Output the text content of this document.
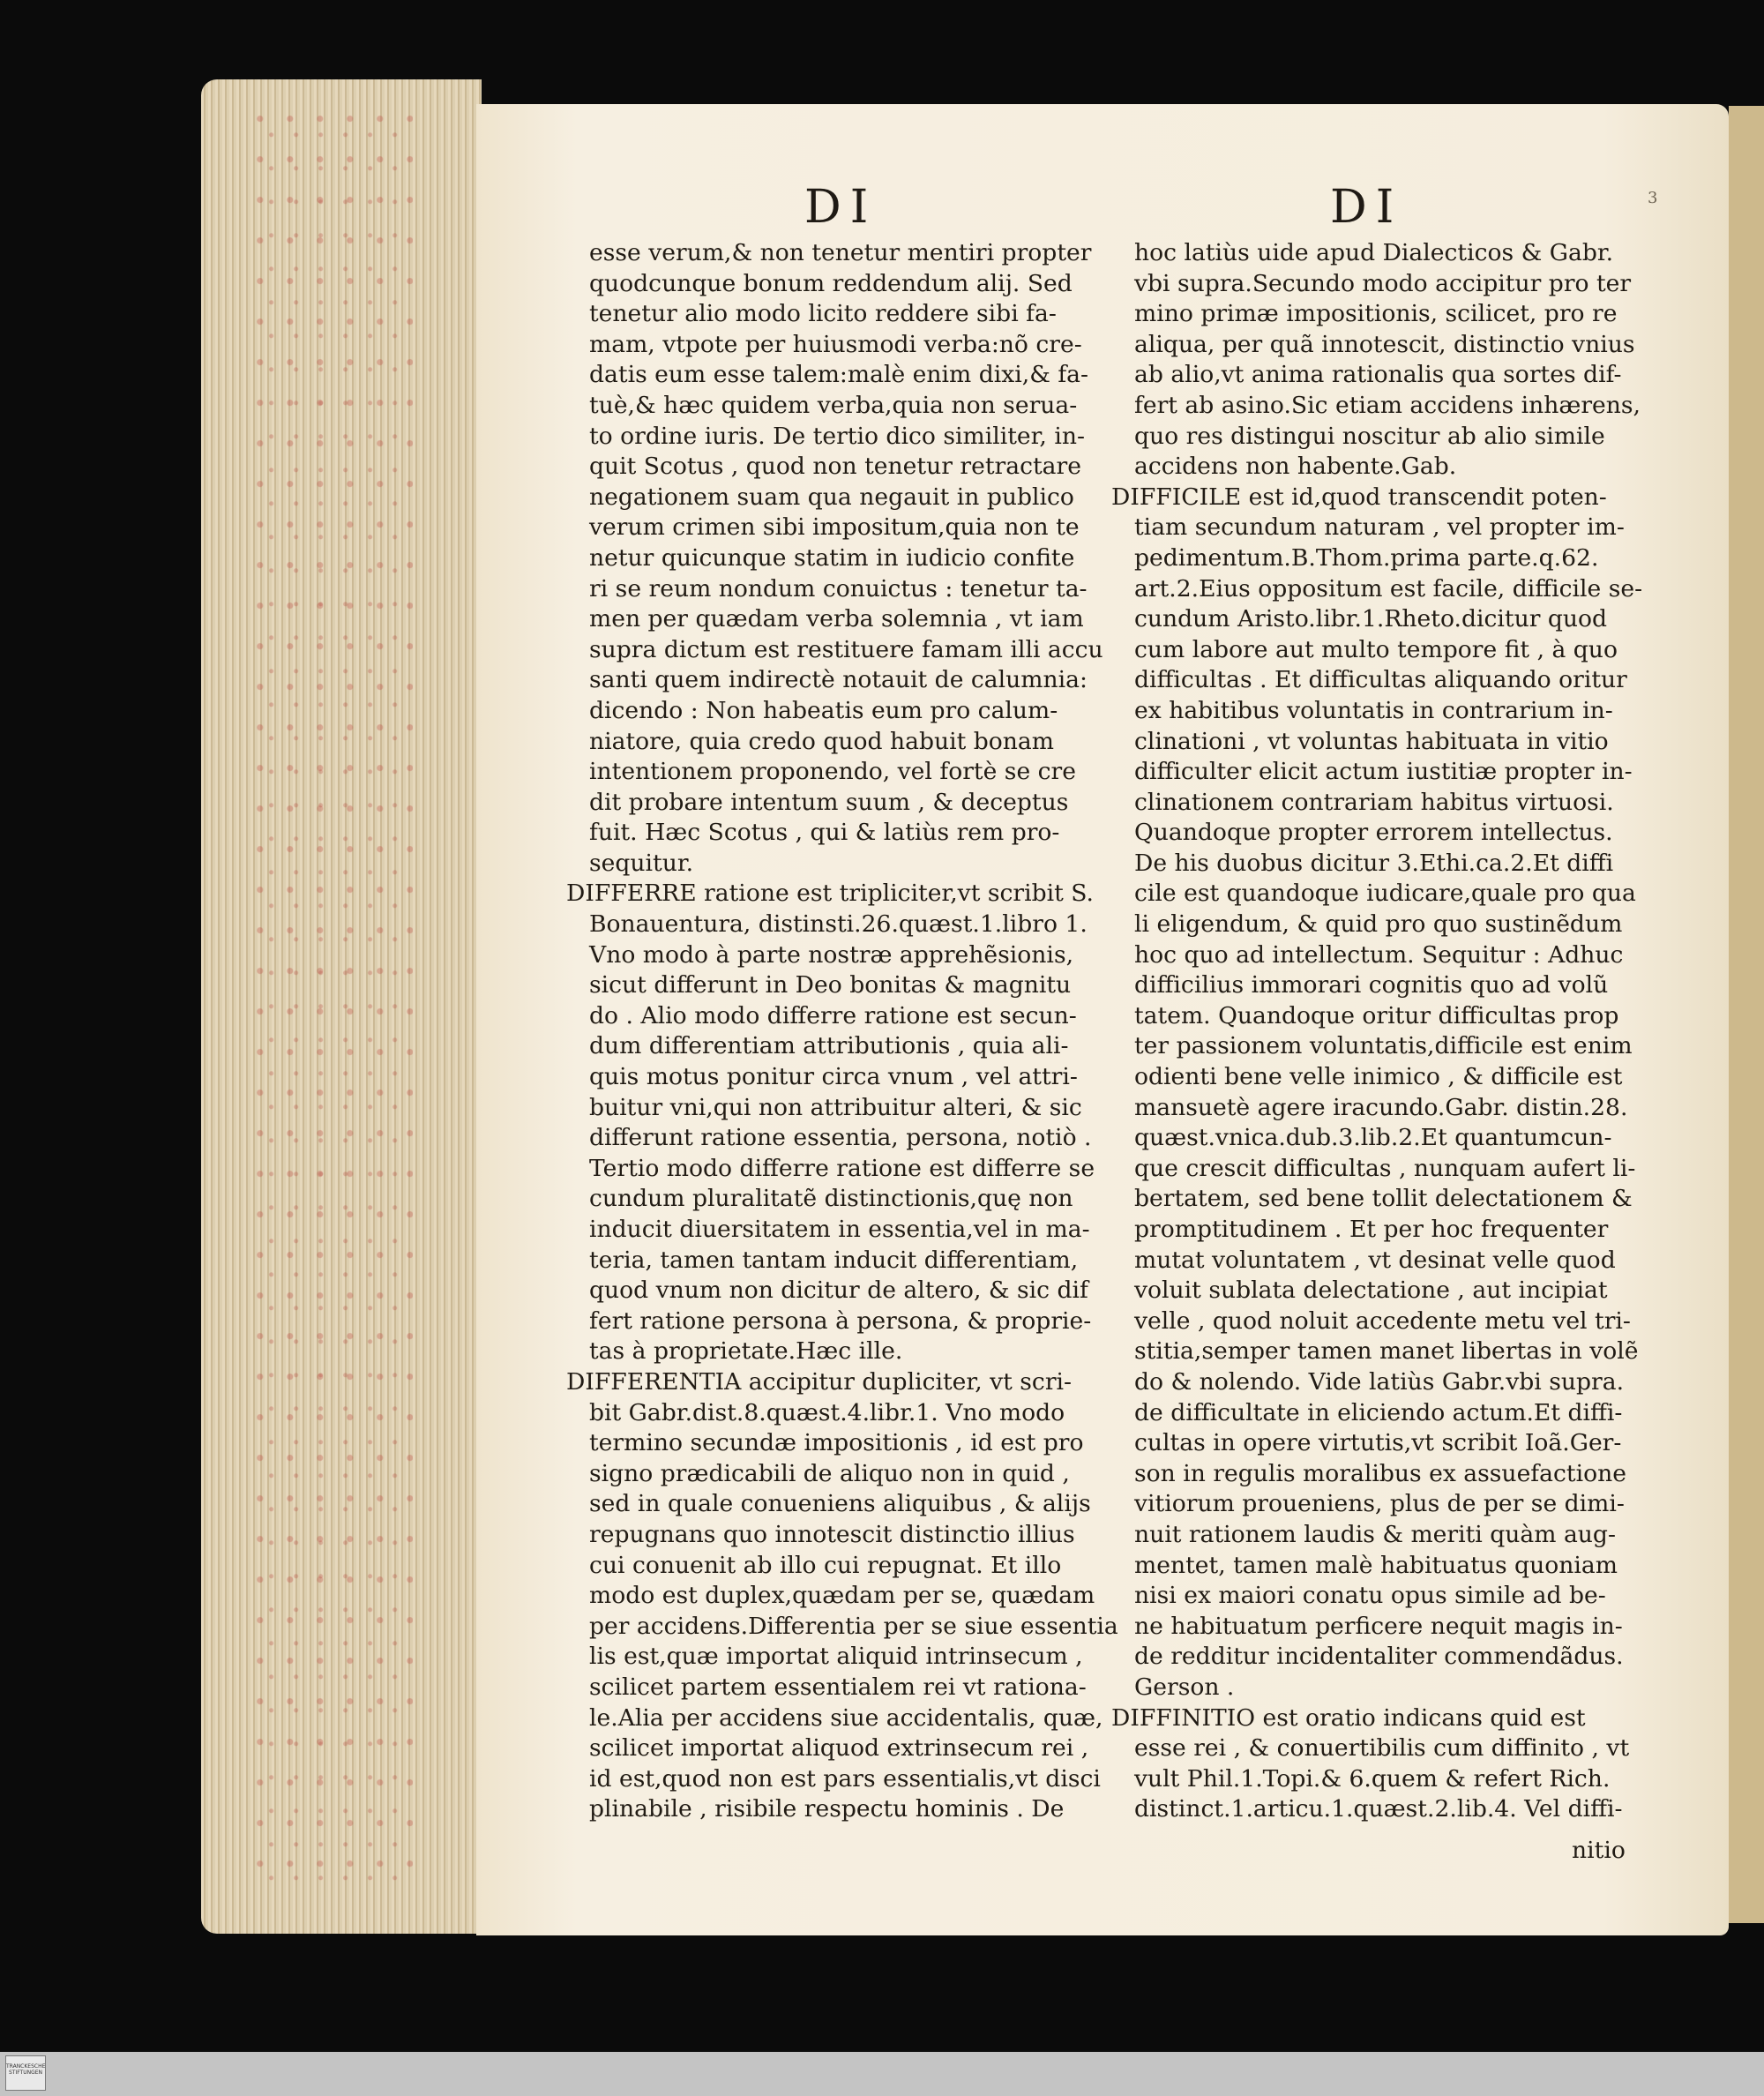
DI	DI	3
esse verum,& non tenetur mentiri propter
quodcunque bonum reddendum alij. Sed
tenetur alio modo licito reddere sibi fa-
mam, vtpote per huiusmodi verba:nõ cre-
datis eum esse talem:malè enim dixi,& fa-
tuè,& hæc quidem verba,quia non serua-
to ordine iuris. De tertio dico similiter, in-
quit Scotus , quod non tenetur retractare
negationem suam qua negauit in publico
verum crimen sibi impositum,quia non te
netur quicunque statim in iudicio confite
ri se reum nondum conuictus : tenetur ta-
men per quædam verba solemnia , vt iam
supra dictum est restituere famam illi accu
santi quem indirectè notauit de calumnia:
dicendo : Non habeatis eum pro calum-
niatore, quia credo quod habuit bonam
intentionem proponendo, vel fortè se cre
dit probare intentum suum , & deceptus
fuit. Hæc Scotus , qui & latiùs rem pro-
sequitur.
DIFFERRE ratione est tripliciter,vt scribit S.
Bonauentura, distinsti.26.quæst.1.libro 1.
Vno modo à parte nostræ apprehẽsionis,
sicut differunt in Deo bonitas & magnitu
do . Alio modo differre ratione est secun-
dum differentiam attributionis , quia ali-
quis motus ponitur circa vnum , vel attri-
buitur vni,qui non attribuitur alteri, & sic
differunt ratione essentia, persona, notiò .
Tertio modo differre ratione est differre se
cundum pluralitatẽ distinctionis,quę non
inducit diuersitatem in essentia,vel in ma-
teria, tamen tantam inducit differentiam,
quod vnum non dicitur de altero, & sic dif
fert ratione persona à persona, & proprie-
tas à proprietate.Hæc ille.
DIFFERENTIA accipitur dupliciter, vt scri-
bit Gabr.dist.8.quæst.4.libr.1. Vno modo
termino secundæ impositionis , id est pro
signo prædicabili de aliquo non in quid ,
sed in quale conueniens aliquibus , & alijs
repugnans quo innotescit distinctio illius
cui conuenit ab illo cui repugnat. Et illo
modo est duplex,quædam per se, quædam
per accidens.Differentia per se siue essentia
lis est,quæ importat aliquid intrinsecum ,
scilicet partem essentialem rei vt rationa-
le.Alia per accidens siue accidentalis, quæ,
scilicet importat aliquod extrinsecum rei ,
id est,quod non est pars essentialis,vt disci
plinabile , risibile respectu hominis . De
hoc latiùs uide apud Dialecticos & Gabr.
vbi supra.Secundo modo accipitur pro ter
mino primæ impositionis, scilicet, pro re
aliqua, per quã innotescit, distinctio vnius
ab alio,vt anima rationalis qua sortes dif-
fert ab asino.Sic etiam accidens inhærens,
quo res distingui noscitur ab alio simile
accidens non habente.Gab.
DIFFICILE est id,quod transcendit poten-
tiam secundum naturam , vel propter im-
pedimentum.B.Thom.prima parte.q.62.
art.2.Eius oppositum est facile, difficile se-
cundum Aristo.libr.1.Rheto.dicitur quod
cum labore aut multo tempore fit , à quo
difficultas . Et difficultas aliquando oritur
ex habitibus voluntatis in contrarium in-
clinationi , vt voluntas habituata in vitio
difficulter elicit actum iustitiæ propter in-
clinationem contrariam habitus virtuosi.
Quandoque propter errorem intellectus.
De his duobus dicitur 3.Ethi.ca.2.Et diffi
cile est quandoque iudicare,quale pro qua
li eligendum, & quid pro quo sustinẽdum
hoc quo ad intellectum. Sequitur : Adhuc
difficilius immorari cognitis quo ad volũ
tatem. Quandoque oritur difficultas prop
ter passionem voluntatis,difficile est enim
odienti bene velle inimico , & difficile est
mansuetè agere iracundo.Gabr. distin.28.
quæst.vnica.dub.3.lib.2.Et quantumcun-
que crescit difficultas , nunquam aufert li-
bertatem, sed bene tollit delectationem &
promptitudinem . Et per hoc frequenter
mutat voluntatem , vt desinat velle quod
voluit sublata delectatione , aut incipiat
velle , quod noluit accedente metu vel tri-
stitia,semper tamen manet libertas in volẽ
do & nolendo. Vide latiùs Gabr.vbi supra.
de difficultate in eliciendo actum.Et diffi-
cultas in opere virtutis,vt scribit Ioã.Ger-
son in regulis moralibus ex assuefactione
vitiorum proueniens, plus de per se dimi-
nuit rationem laudis & meriti quàm aug-
mentet, tamen malè habituatus quoniam
nisi ex maiori conatu opus simile ad be-
ne habituatum perficere nequit magis in-
de redditur incidentaliter commendãdus.
Gerson .
DIFFINITIO est oratio indicans quid est
esse rei , & conuertibilis cum diffinito , vt
vult Phil.1.Topi.& 6.quem & refert Rich.
distinct.1.articu.1.quæst.2.lib.4. Vel diffi-
nitio
TRANCKESCHE STIFTUNGEN
